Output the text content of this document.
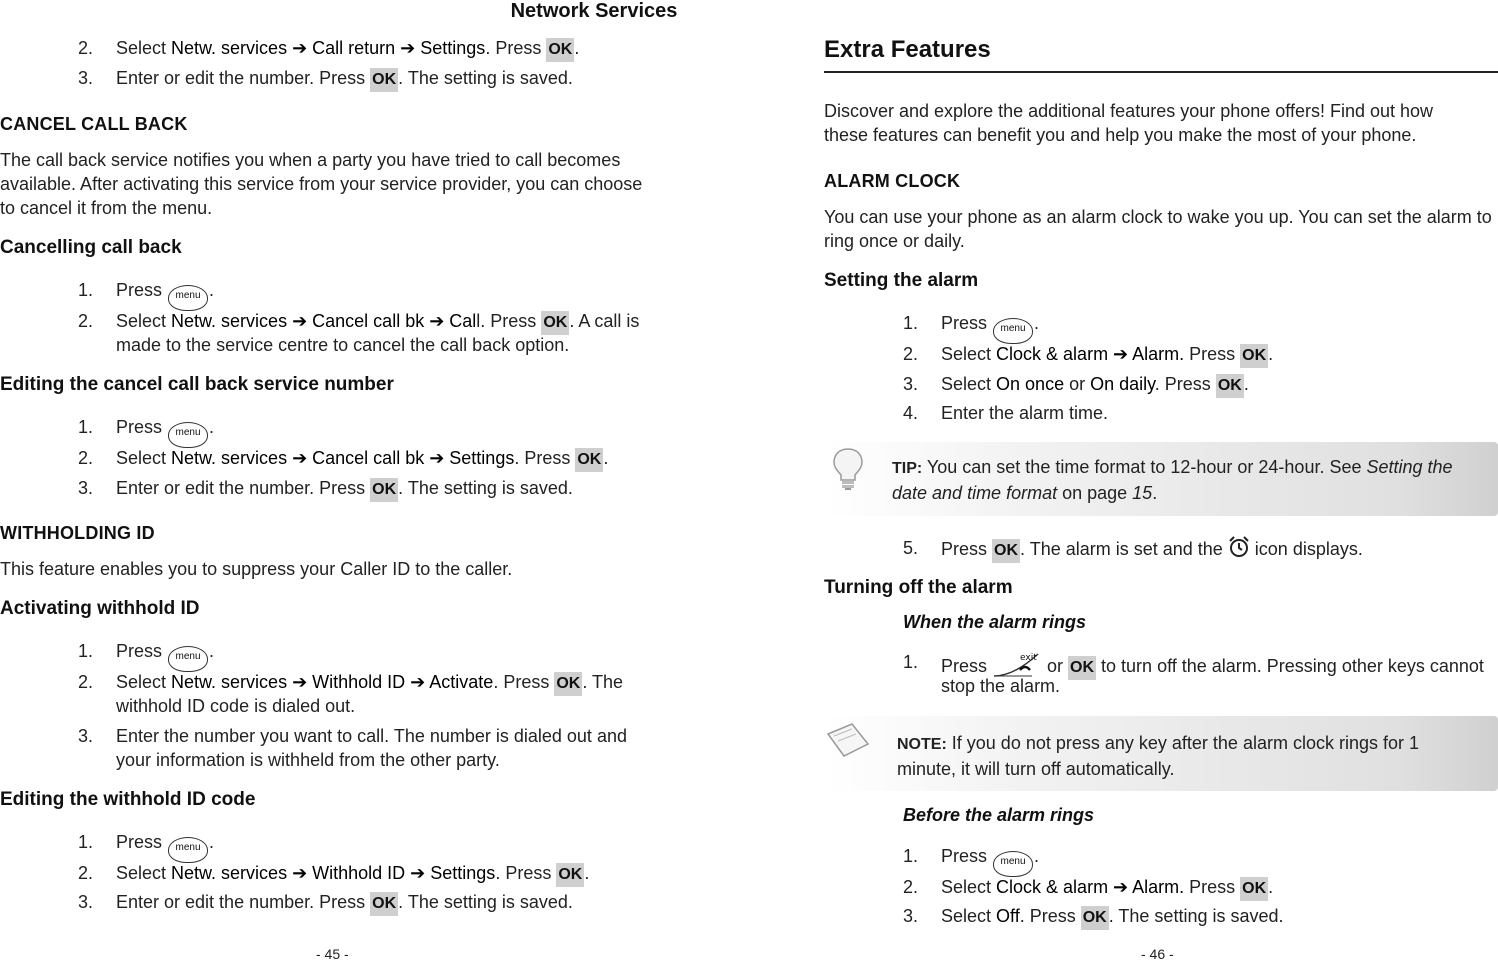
Network Services
2. Select Netw. services ➔ Call return ➔ Settings. Press OK .
3. Enter or edit the number. Press OK . The setting is saved.
CANCEL CALL BACK
The call back service notifies you when a party you have tried to call becomes
available. After activating this service from your service provider, you can choose
to cancel it from the menu.
Cancelling call back
1. Press menu .
2. Select Netw. services ➔ Cancel call bk ➔ Call. Press OK . A call is
made to the service centre to cancel the call back option.
Editing the cancel call back service number
1. Press menu .
2. Select Netw. services ➔ Cancel call bk ➔ Settings. Press OK .
3. Enter or edit the number. Press OK . The setting is saved.
WITHHOLDING ID
This feature enables you to suppress your Caller ID to the caller.
Activating withhold ID
1. Press menu .
2. Select Netw. services ➔ Withhold ID ➔ Activate. Press OK . The
withhold ID code is dialed out.
3. Enter the number you want to call. The number is dialed out and
your information is withheld from the other party.
Editing the withhold ID code
1. Press menu .
2. Select Netw. services ➔ Withhold ID ➔ Settings. Press OK .
3. Enter or edit the number. Press OK . The setting is saved.
- 45 -
Extra Features
Discover and explore the additional features your phone offers! Find out how
these features can benefit you and help you make the most of your phone.
ALARM CLOCK
You can use your phone as an alarm clock to wake you up. You can set the alarm to
ring once or daily.
Setting the alarm
1. Press menu .
2. Select Clock & alarm ➔ Alarm. Press OK .
3. Select On once or On daily. Press OK .
4. Enter the alarm time.
TIP: You can set the time format to 12-hour or 24-hour. See Setting the
date and time format on page 15.
5. Press OK . The alarm is set and the  icon displays.
Turning off the alarm
When the alarm rings
1. Press	exit or OK to turn off the alarm. Pressing other keys cannot
stop the alarm.
NOTE: If you do not press any key after the alarm clock rings for 1
minute, it will turn off automatically.
Before the alarm rings
1. Press menu .
2. Select Clock & alarm ➔ Alarm. Press OK .
3. Select Off. Press OK . The setting is saved.
- 46 -
